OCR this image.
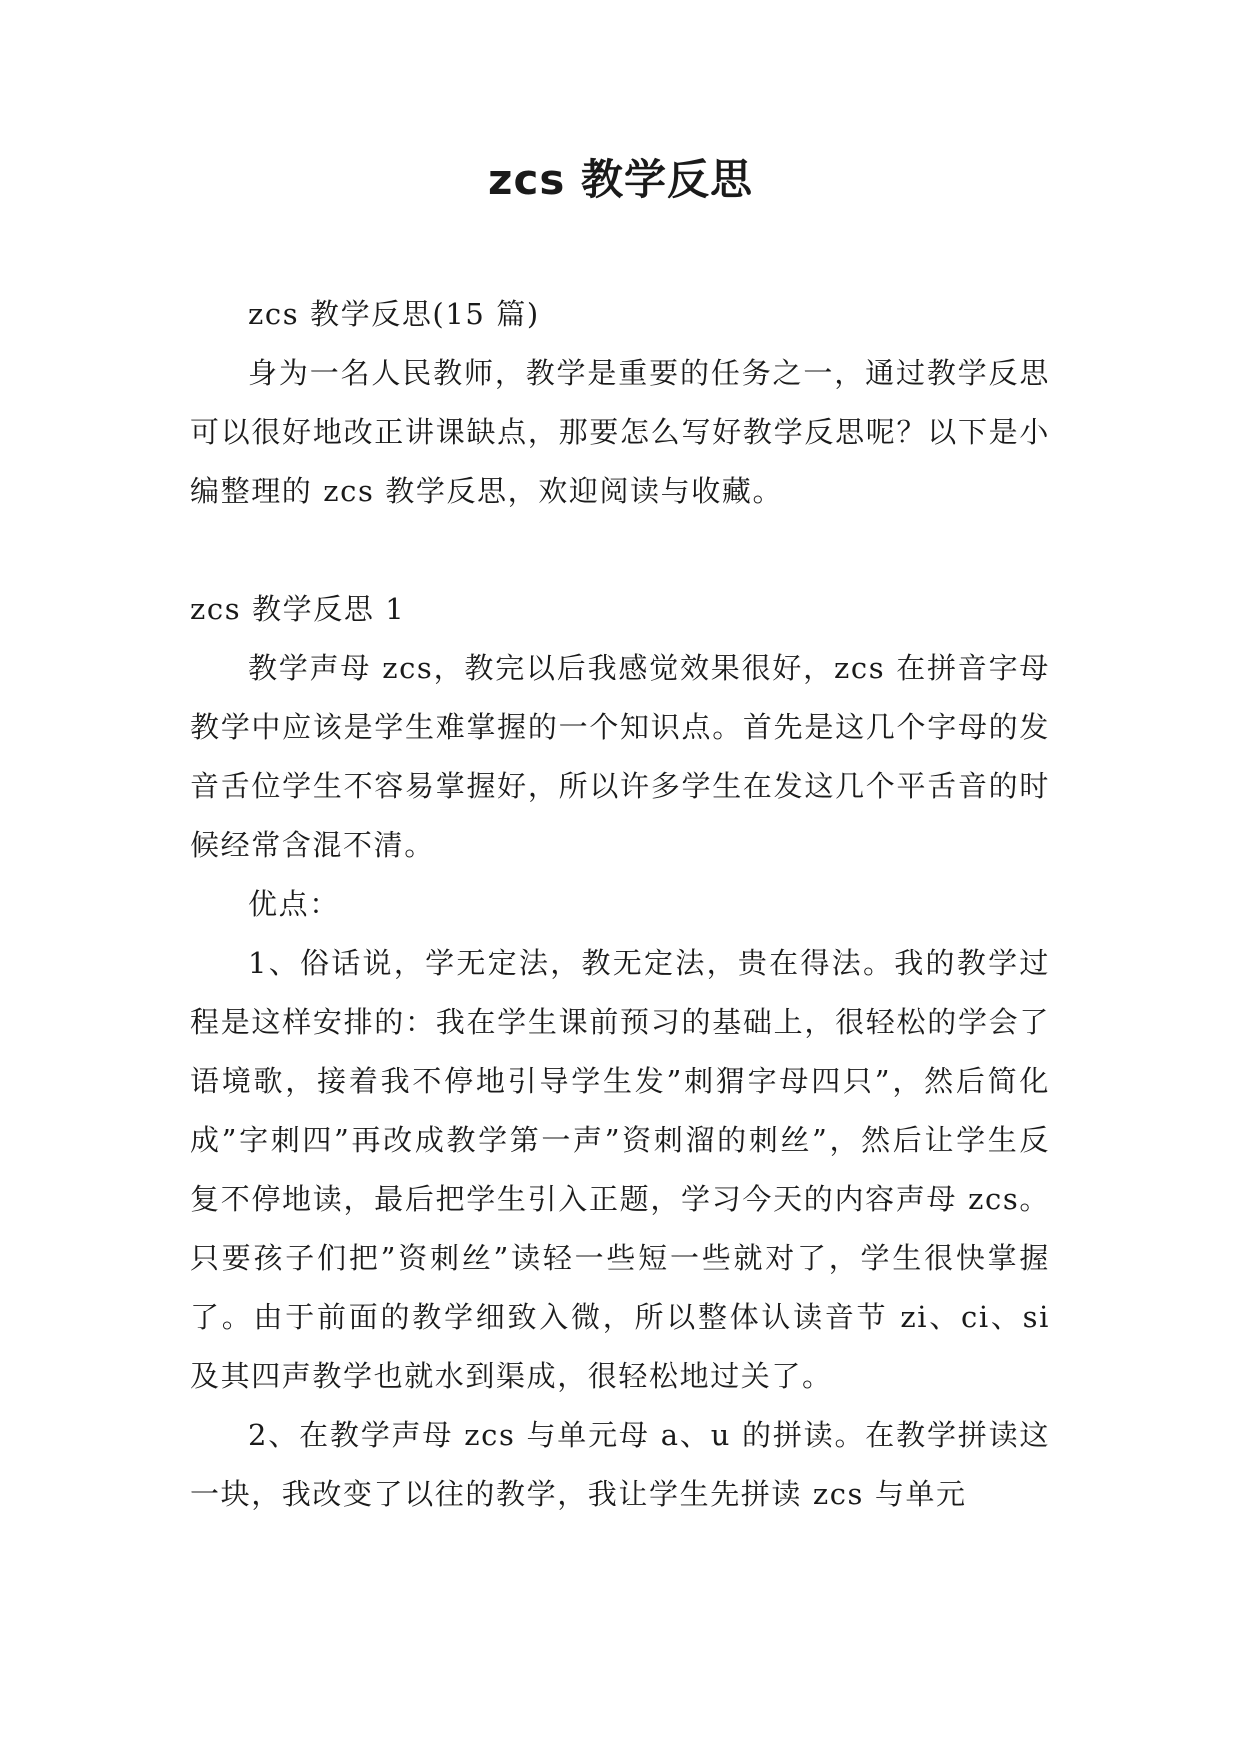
zcs 教学反思

zcs 教学反思(15 篇)

身为一名人民教师，教学是重要的任务之一，通过教学反思可以很好地改正讲课缺点，那要怎么写好教学反思呢？以下是小编整理的 zcs 教学反思，欢迎阅读与收藏。

zcs 教学反思 1

教学声母 zcs，教完以后我感觉效果很好，zcs 在拼音字母教学中应该是学生难掌握的一个知识点。首先是这几个字母的发音舌位学生不容易掌握好，所以许多学生在发这几个平舌音的时候经常含混不清。

优点：

1、俗话说，学无定法，教无定法，贵在得法。我的教学过程是这样安排的：我在学生课前预习的基础上，很轻松的学会了语境歌，接着我不停地引导学生发”刺猬字母四只”，然后简化成”字刺四”再改成教学第一声”资刺溜的刺丝”，然后让学生反复不停地读，最后把学生引入正题，学习今天的内容声母 zcs。只要孩子们把”资刺丝”读轻一些短一些就对了，学生很快掌握了。由于前面的教学细致入微，所以整体认读音节 zi、ci、si 及其四声教学也就水到渠成，很轻松地过关了。

2、在教学声母 zcs 与单元母 a、u 的拼读。在教学拼读这一块，我改变了以往的教学，我让学生先拼读 zcs 与单元
